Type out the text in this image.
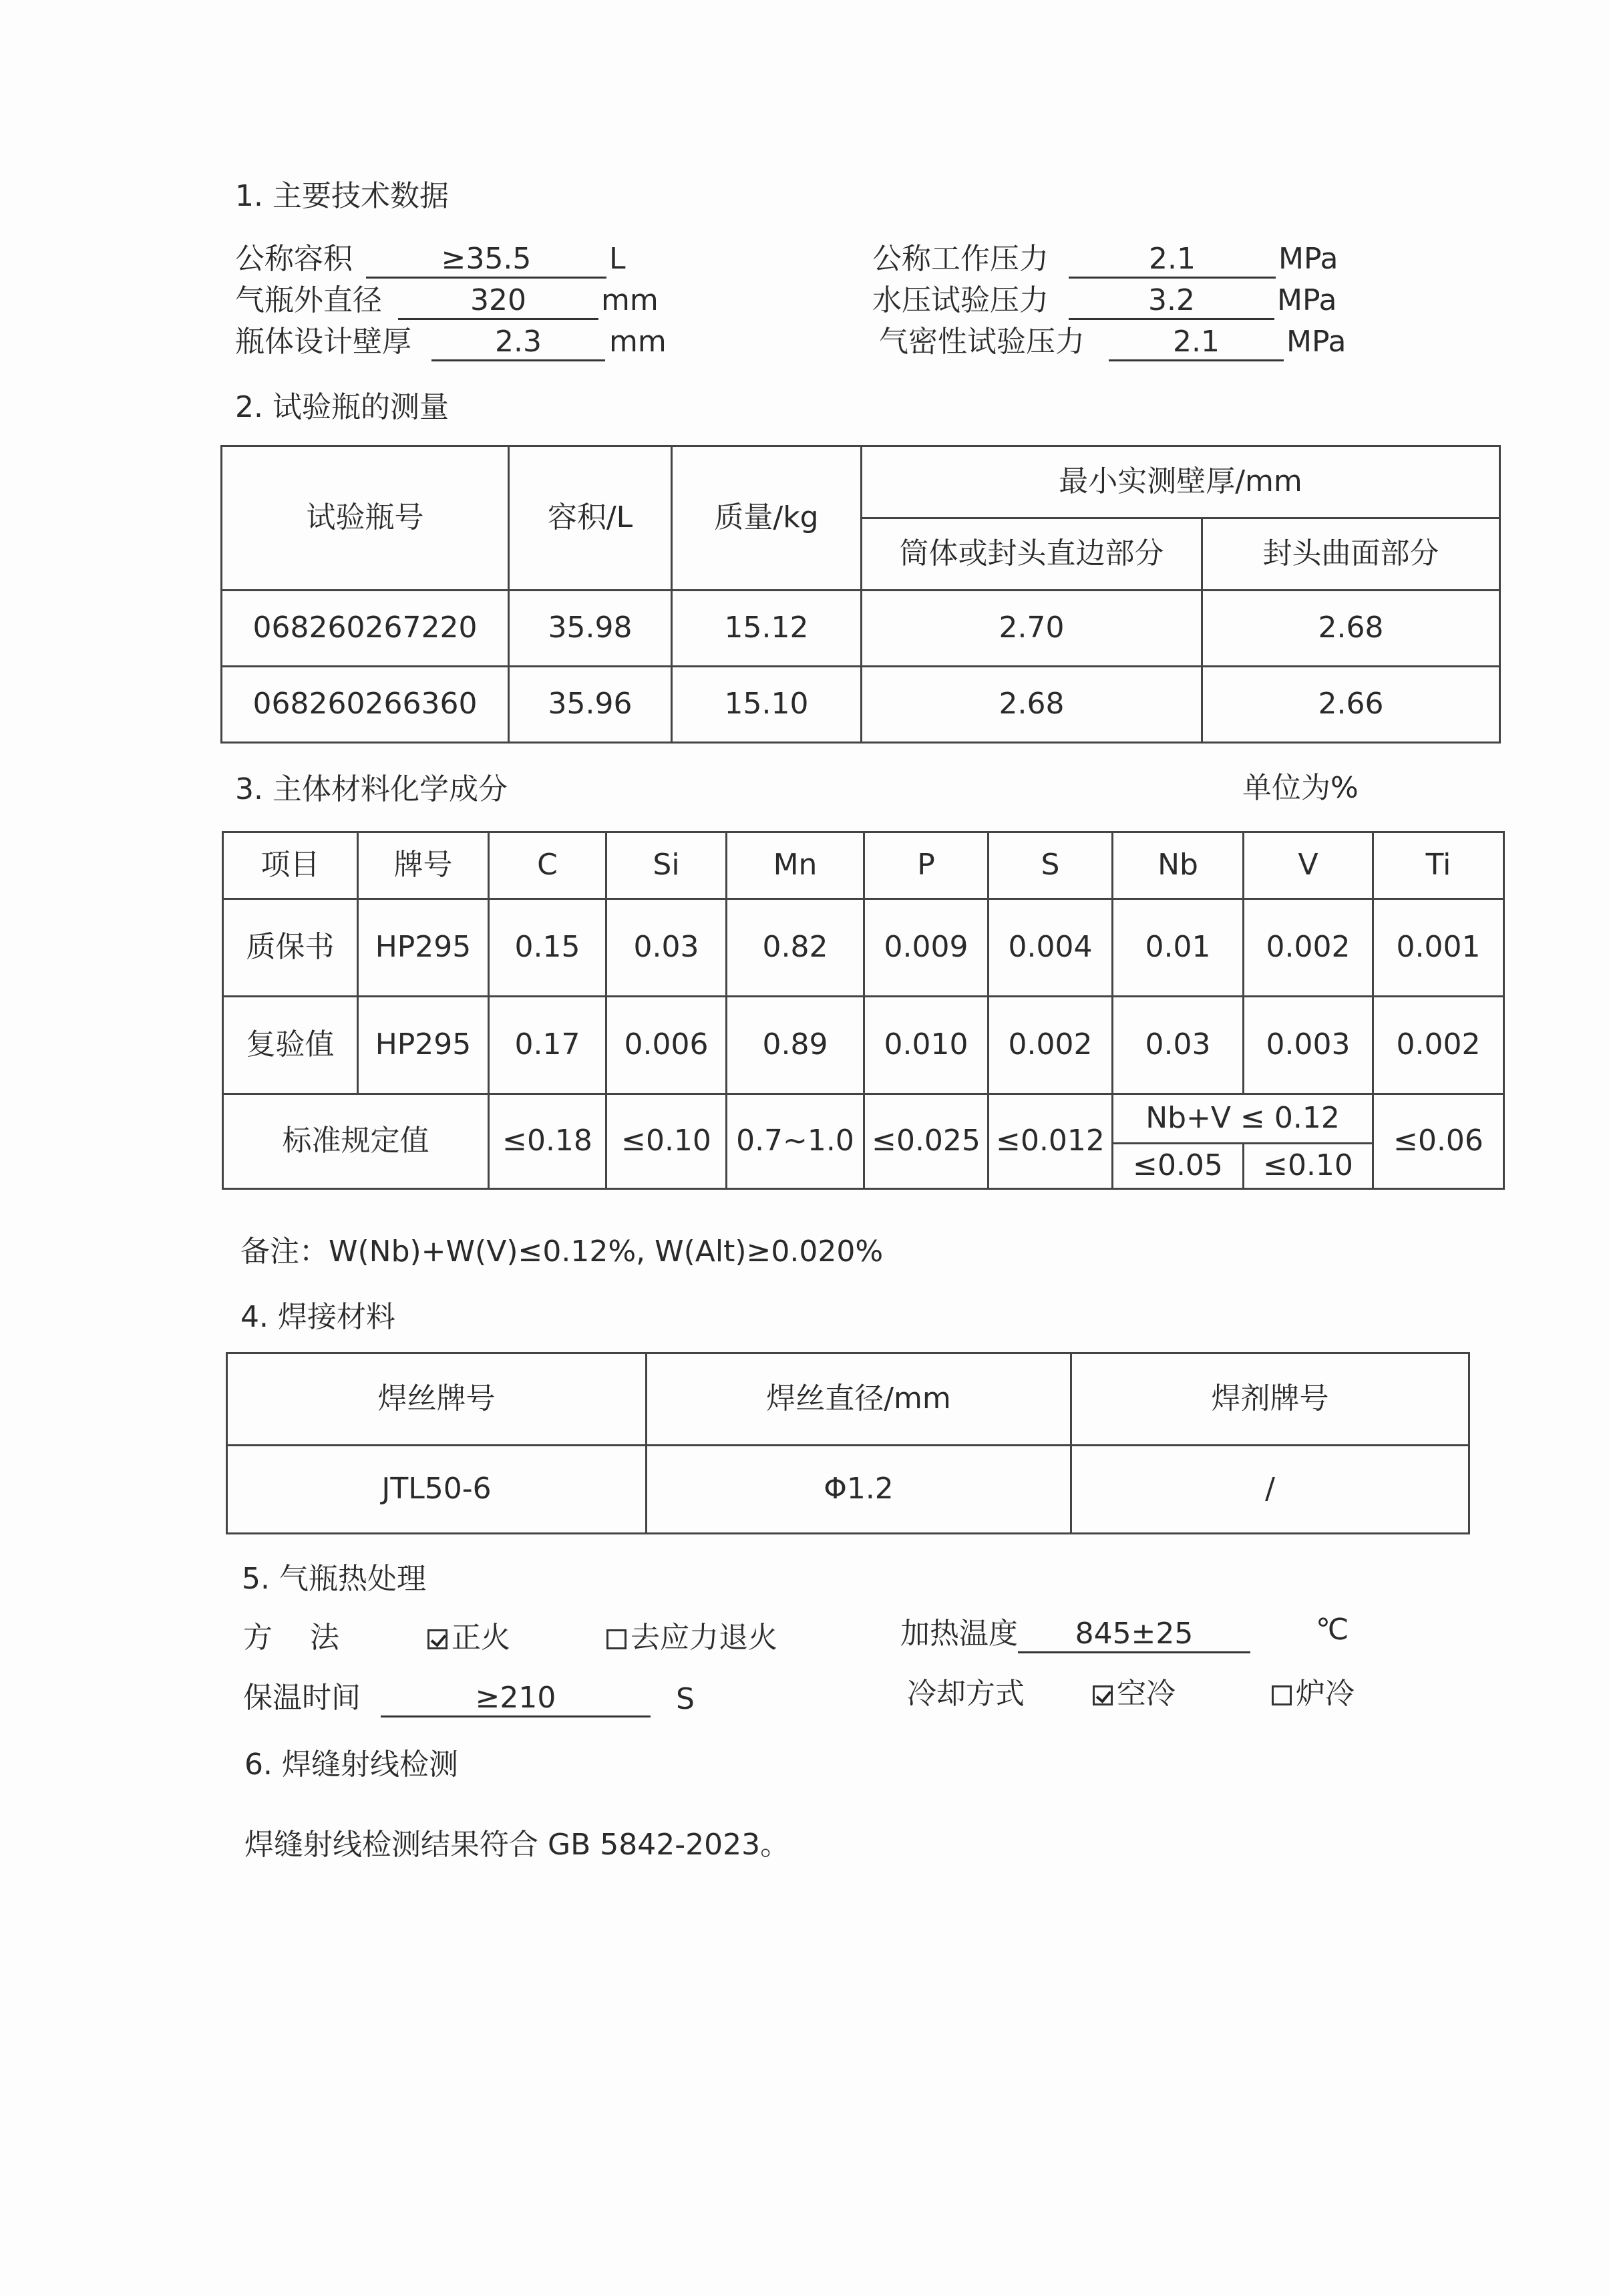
1. 主要技术数据
公称容积	≥35.5	L
气瓶外直径	320	mm
瓶体设计壁厚	2.3	mm
公称工作压力	2.1	MPa
水压试验压力	3.2	MPa
气密性试验压力	2.1	MPa
2. 试验瓶的测量
试验瓶号	容积/L	质量/kg	最小实测壁厚/mm	
			筒体或封头直边部分	封头曲面部分
068260267220	35.98	15.12	2.70	2.68
068260266360	35.96	15.10	2.68	2.66
3. 主体材料化学成分	单位为%
项目	牌号	C	Si	Mn	P	S	Nb	V	Ti
质保书	HP295	0.15	0.03	0.82	0.009	0.004	0.01	0.002	0.001
复验值	HP295	0.17	0.006	0.89	0.010	0.002	0.03	0.003	0.002
标准规定值		≤0.18	≤0.10	0.7~1.0	≤0.025	≤0.012	Nb+V ≤ 0.12		≤0.06
							≤0.05	≤0.10	
备注：W(Nb)+W(V)≤0.12%, W(Alt)≥0.020%
4. 焊接材料
焊丝牌号	焊丝直径/mm	焊剂牌号
JTL50-6	Φ1.2	/
5. 气瓶热处理
方    法	正火	去应力退火	加热温度 845±25	℃
保温时间	≥210	S	冷却方式	空冷	炉冷
6. 焊缝射线检测
焊缝射线检测结果符合 GB 5842-2023。
